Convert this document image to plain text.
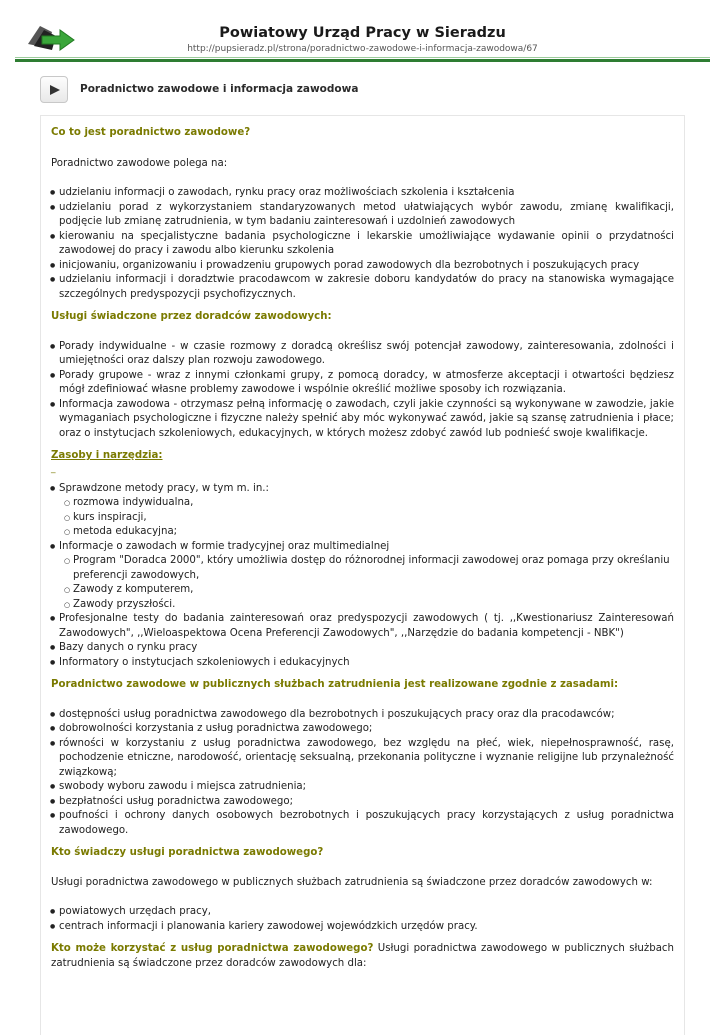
Powiatowy Urząd Pracy w Sieradzu
http://pupsieradz.pl/strona/poradnictwo-zawodowe-i-informacja-zawodowa/67
Poradnictwo zawodowe i informacja zawodowa

Co to jest poradnictwo zawodowe?

Poradnictwo zawodowe polega na:

● udzielaniu informacji o zawodach, rynku pracy oraz możliwościach szkolenia i kształcenia
● udzielaniu porad z wykorzystaniem standaryzowanych metod ułatwiających wybór zawodu, zmianę kwalifikacji, podjęcie lub zmianę zatrudnienia, w tym badaniu zainteresowań i uzdolnień zawodowych
● kierowaniu na specjalistyczne badania psychologiczne i lekarskie umożliwiające wydawanie opinii o przydatności zawodowej do pracy i zawodu albo kierunku szkolenia
● inicjowaniu, organizowaniu i prowadzeniu grupowych porad zawodowych dla bezrobotnych i poszukujących pracy
● udzielaniu informacji i doradztwie pracodawcom w zakresie doboru kandydatów do pracy na stanowiska wymagające szczególnych predyspozycji psychofizycznych.

Usługi świadczone przez doradców zawodowych:

● Porady indywidualne - w czasie rozmowy z doradcą określisz swój potencjał zawodowy, zainteresowania, zdolności i umiejętności oraz dalszy plan rozwoju zawodowego.
● Porady grupowe - wraz z innymi członkami grupy, z pomocą doradcy, w atmosferze akceptacji i otwartości będziesz mógł zdefiniować własne problemy zawodowe i wspólnie określić możliwe sposoby ich rozwiązania.
● Informacja zawodowa - otrzymasz pełną informację o zawodach, czyli jakie czynności są wykonywane w zawodzie, jakie wymaganiach psychologiczne i fizyczne należy spełnić aby móc wykonywać zawód, jakie są szansę zatrudnienia i płace; oraz o instytucjach szkoleniowych, edukacyjnych, w których możesz zdobyć zawód lub podnieść swoje kwalifikacje.

Zasoby i narzędzia:

_
● Sprawdzone metody pracy, w tym m. in.:
○ rozmowa indywidualna,
○ kurs inspiracji,
○ metoda edukacyjna;
● Informacje o zawodach w formie tradycyjnej oraz multimedialnej
○ Program "Doradca 2000", który umożliwia dostęp do różnorodnej informacji zawodowej oraz pomaga przy określaniu preferencji zawodowych,
○ Zawody z komputerem,
○ Zawody przyszłości.
● Profesjonalne testy do badania zainteresowań oraz predyspozycji zawodowych ( tj. ,,Kwestionariusz Zainteresowań Zawodowych", ,,Wieloaspektowa Ocena Preferencji Zawodowych", ,,Narzędzie do badania kompetencji - NBK")
● Bazy danych o rynku pracy
● Informatory o instytucjach szkoleniowych i edukacyjnych

Poradnictwo zawodowe w publicznych służbach zatrudnienia jest realizowane zgodnie z zasadami:

● dostępności usług poradnictwa zawodowego dla bezrobotnych i poszukujących pracy oraz dla pracodawców;
● dobrowolności korzystania z usług poradnictwa zawodowego;
● równości w korzystaniu z usług poradnictwa zawodowego, bez względu na płeć, wiek, niepełnosprawność, rasę, pochodzenie etniczne, narodowość, orientację seksualną, przekonania polityczne i wyznanie religijne lub przynależność związkową;
● swobody wyboru zawodu i miejsca zatrudnienia;
● bezpłatności usług poradnictwa zawodowego;
● poufności i ochrony danych osobowych bezrobotnych i poszukujących pracy korzystających z usług poradnictwa zawodowego.

Kto świadczy usługi poradnictwa zawodowego?

Usługi poradnictwa zawodowego w publicznych służbach zatrudnienia są świadczone przez doradców zawodowych w:

● powiatowych urzędach pracy,
● centrach informacji i planowania kariery zawodowej wojewódzkich urzędów pracy.

Kto może korzystać z usług poradnictwa zawodowego? Usługi poradnictwa zawodowego w publicznych służbach zatrudnienia są świadczone przez doradców zawodowych dla:
